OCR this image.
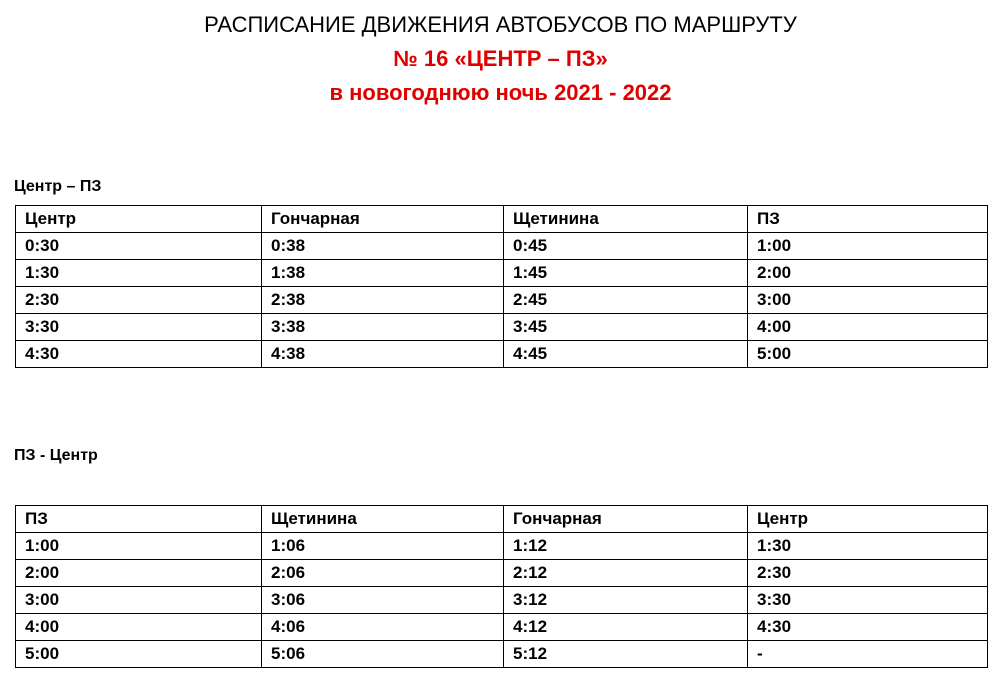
РАСПИСАНИЕ ДВИЖЕНИЯ АВТОБУСОВ ПО МАРШРУТУ
№ 16 «ЦЕНТР – ПЗ»
в новогоднюю ночь 2021 - 2022
Центр – ПЗ
Центр	Гончарная	Щетинина	ПЗ
0:30	0:38	0:45	1:00
1:30	1:38	1:45	2:00
2:30	2:38	2:45	3:00
3:30	3:38	3:45	4:00
4:30	4:38	4:45	5:00
ПЗ - Центр
ПЗ	Щетинина	Гончарная	Центр
1:00	1:06	1:12	1:30
2:00	2:06	2:12	2:30
3:00	3:06	3:12	3:30
4:00	4:06	4:12	4:30
5:00	5:06	5:12	-
